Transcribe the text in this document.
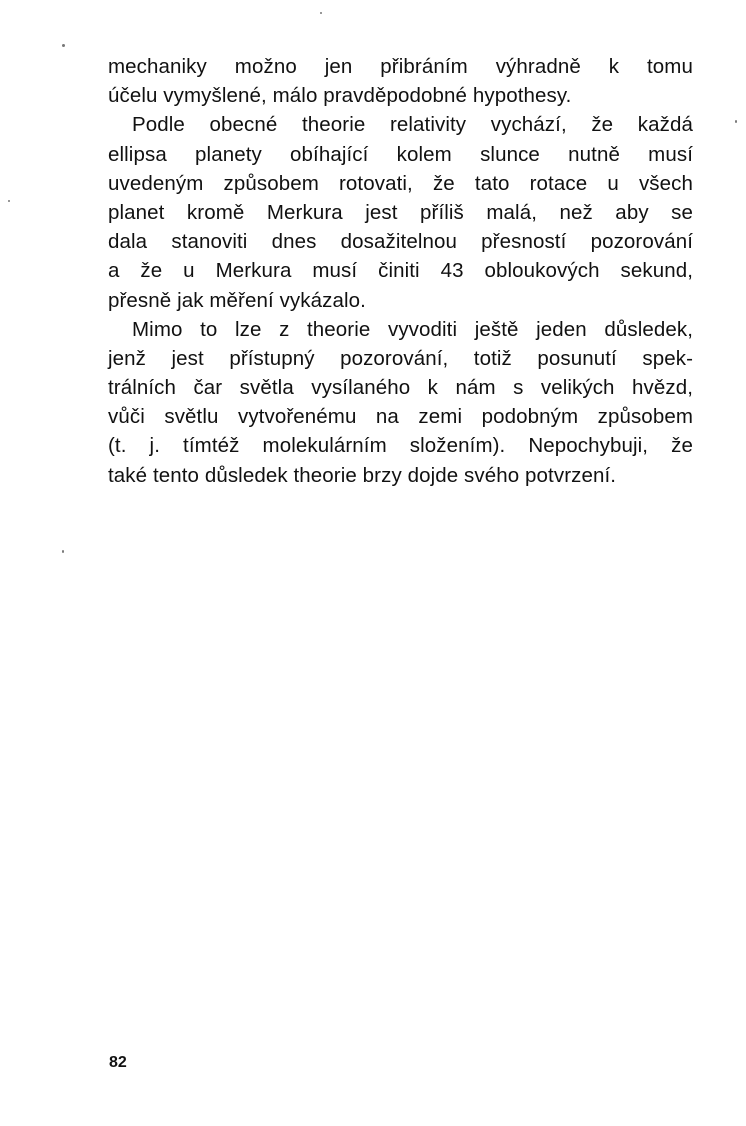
mechaniky možno jen přibráním výhradně k tomu
účelu vymyšlené, málo pravděpodobné hypothesy.
Podle obecné theorie relativity vychází, že každá
ellipsa planety obíhající kolem slunce nutně musí
uvedeným způsobem rotovati, že tato rotace u všech
planet kromě Merkura jest příliš malá, než aby se
dala stanoviti dnes dosažitelnou přesností pozorování
a že u Merkura musí činiti 43 obloukových sekund,
přesně jak měření vykázalo.
Mimo to lze z theorie vyvoditi ještě jeden důsledek,
jenž jest přístupný pozorování, totiž posunutí spek-
trálních čar světla vysílaného k nám s velikých hvězd,
vůči světlu vytvořenému na zemi podobným způsobem
(t. j. tímtéž molekulárním složením). Nepochybuji, že
také tento důsledek theorie brzy dojde svého potvrzení.
82
